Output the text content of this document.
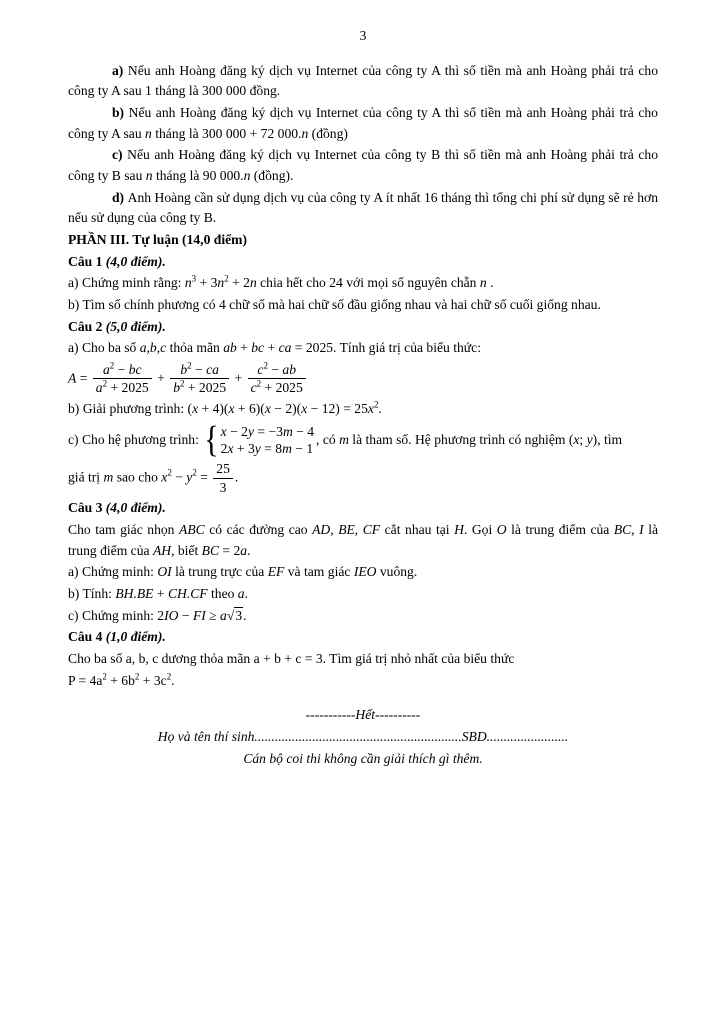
3
a) Nếu anh Hoàng đăng ký dịch vụ Internet của công ty A thì số tiền mà anh Hoàng phải trả cho công ty A sau 1 tháng là 300 000 đồng.
b) Nếu anh Hoàng đăng ký dịch vụ Internet của công ty A thì số tiền mà anh Hoàng phải trả cho công ty A sau n tháng là 300 000 + 72 000.n (đồng)
c) Nếu anh Hoàng đăng ký dịch vụ Internet của công ty B thì số tiền mà anh Hoàng phải trả cho công ty B sau n tháng là 90 000.n (đồng).
d) Anh Hoàng cần sử dụng dịch vụ của công ty A ít nhất 16 tháng thì tổng chi phí sử dụng sẽ rẻ hơn nếu sử dụng của công ty B.
PHẦN III. Tự luận (14,0 điểm)
Câu 1 (4,0 điểm).
a) Chứng minh rằng: $n^3 + 3n^2 + 2n$ chia hết cho 24 với mọi số nguyên chẵn n .
b) Tìm số chính phương có 4 chữ số mà hai chữ số đầu giống nhau và hai chữ số cuối giống nhau.
Câu 2 (5,0 điểm).
a) Cho ba số a,b,c thỏa mãn ab + bc + ca = 2025. Tính giá trị của biểu thức:
$A = \frac{a^2 - bc}{a^2 + 2025} + \frac{b^2 - ca}{b^2 + 2025} + \frac{c^2 - ab}{c^2 + 2025}$
b) Giải phương trình: $(x + 4)(x + 6)(x - 2)(x - 12) = 25x^2$.
c) Cho hệ phương trình: { x − 2y = −3m − 4
2x + 3y = 8m − 1
, có m là tham số. Hệ phương trình có nghiệm (x; y), tìm
giá trị m sao cho $x^2 - y^2 = \frac{25}{3}$ .
Câu 3 (4,0 điểm).
Cho tam giác nhọn ABC có các đường cao AD, BE, CF cắt nhau tại H. Gọi O là trung điểm của BC, I là trung điểm của AH, biết BC = 2a.
a) Chứng minh: OI là trung trực của EF và tam giác IEO vuông.
b) Tính: BH.BE + CH.CF theo a.
c) Chứng minh: 2IO − FI ≥ a√3.
Câu 4 (1,0 điểm).
Cho ba số a, b, c dương thỏa mãn a + b + c = 3. Tìm giá trị nhỏ nhất của biểu thức
$P = 4a^2 + 6b^2 + 3c^2$.
-----------Hết----------
Họ và tên thí sinh.............................................................SBD........................
Cán bộ coi thi không cần giải thích gì thêm.
